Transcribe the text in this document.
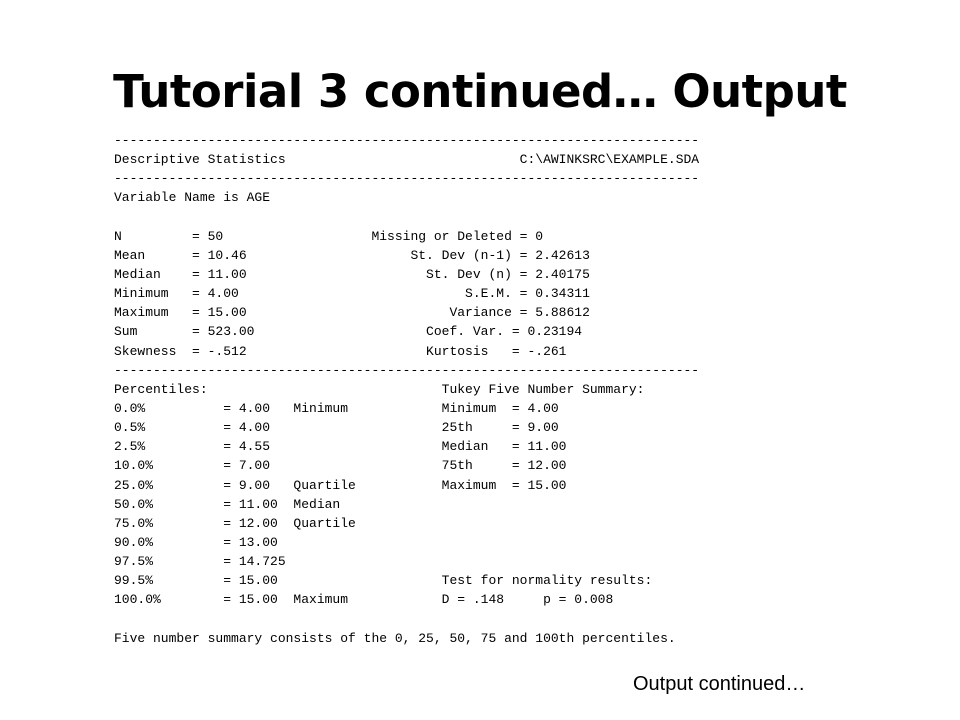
Tutorial 3 continued… Output
---------------------------------------------------------------------------
Descriptive Statistics                              C:\AWINKSRC\EXAMPLE.SDA
---------------------------------------------------------------------------
Variable Name is AGE
N         = 50                   Missing or Deleted = 0
Mean      = 10.46                     St. Dev (n-1) = 2.42613
Median    = 11.00                       St. Dev (n) = 2.40175
Minimum   = 4.00                             S.E.M. = 0.34311
Maximum   = 15.00                          Variance = 5.88612
Sum       = 523.00                      Coef. Var. = 0.23194
Skewness  = -.512                       Kurtosis   = -.261
---------------------------------------------------------------------------
Percentiles:                              Tukey Five Number Summary:
0.0%          = 4.00   Minimum            Minimum  = 4.00
0.5%          = 4.00                      25th     = 9.00
2.5%          = 4.55                      Median   = 11.00
10.0%         = 7.00                      75th     = 12.00
25.0%         = 9.00   Quartile           Maximum  = 15.00
50.0%         = 11.00  Median
75.0%         = 12.00  Quartile
90.0%         = 13.00
97.5%         = 14.725
99.5%         = 15.00                     Test for normality results:
100.0%        = 15.00  Maximum            D = .148     p = 0.008
Five number summary consists of the 0, 25, 50, 75 and 100th percentiles.
Output continued…
